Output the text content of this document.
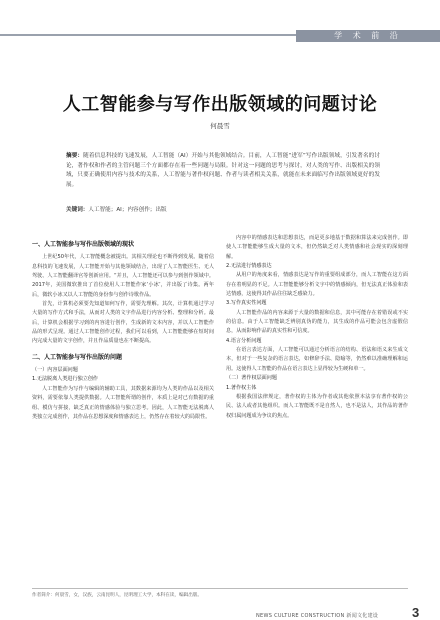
学 术 前 沿
人工智能参与写作出版领域的问题讨论
何晨雪
摘要：随着信息科技的飞速发展，人工智能（AI）开始与其他领域结合。目前，人工智能“进军”写作出版领域，引发著名的讨论，著作权和作者的主管问题三个方面都存在着一些问题与局限。针对这一问题的思考与探讨，对人类的写作、出版相关的领域，只要正确使用内容与技术的关系，人工智能与著作权问题、作者与读者相关关系，就能在未来面临写作出版领域更好的发展。
关键词：人工智能；AI；内容创作；出版

一、人工智能参与写作出版领域的现状

上世纪50年代，人工智能概念被提出。其相关理论也不断得到发展。随着信息科技的飞速发展，人工智能开始与其他领域结合，出现了人工智能医生、无人驾驶、人工智能翻译官等创新应用。“并且，人工智能还可以参与到创作领域中。2017年，美国微软推出了首位使用人工智能作家‘小冰’，并出版了诗集。两年后，微软小冰又以人工智能的身份参与创作诗歌作品。

首先，计算机必须要先知道如何写作，需要先理解。其次，计算机通过学习大量的写作方式和手法，从而对人类的文字作品进行内容分析、整理和分析。最后，计算机会根据学习到的内容进行创作，生成新的文本内容，并以人工智能作品的形式呈现。通过人工智能创作过程，我们可以看到，人工智能能够在短时间内完成大量的文字创作，并且作品质量也在不断提高。

二、人工智能参与写作出版的问题

（一）内容层面问题

1.无法脱离人类进行独立创作

人工智能作为写作与编辑的辅助工具，其数据来源均为人类的作品以及相关资料，需要依靠人类提供数据。人工智能所谓的创作，本质上是对已有数据的重组、模仿与拼接，缺乏真正的情感体验与独立思考。因此，人工智能无法脱离人类独立完成创作，其作品在思想深度和情感表达上，仍然存在着较大的局限性。

内容中的情感表达和思想表达，而是更多地基于数据和算法来完成创作。即使人工智能能够生成大量的文本，但仍然缺乏对人类情感和社会现实的深刻理解。

2.无法进行情感表达

从用户的角度来看，情感表达是写作的重要组成部分，而人工智能在这方面存在着明显的不足。人工智能能够分析文字中的情感倾向，但无法真正体验和表达情感，这使得其作品往往缺乏感染力。

3.写作真实性问题

人工智能作品的内容来源于大量的数据和信息，其中可能存在着错误或不实的信息。由于人工智能缺乏辨别真伪的能力，其生成的作品可能会包含虚假信息，从而影响作品的真实性和可信度。

4.语言分析问题

在语言表达方面，人工智能可以通过分析语言的结构、语法和语义来生成文本，但对于一些复杂的语言表达，如修辞手法、隐喻等，仍然难以准确理解和运用。这使得人工智能的作品在语言表达上显得较为生硬和单一。

（二）著作权层面问题

1.著作权主体

根据我国法律规定，著作权的主体为作者或其他依照本法享有著作权的公民、法人或者其他组织。而人工智能既不是自然人，也不是法人，其作品的著作权归属问题成为争议的焦点。

作者简介：何晨雪，女，汉族，云南昆明人，昆明理工大学，本科在读，编辑出版。
NEWS CULTURE CONSTRUCTION 新闻文化建设	3
